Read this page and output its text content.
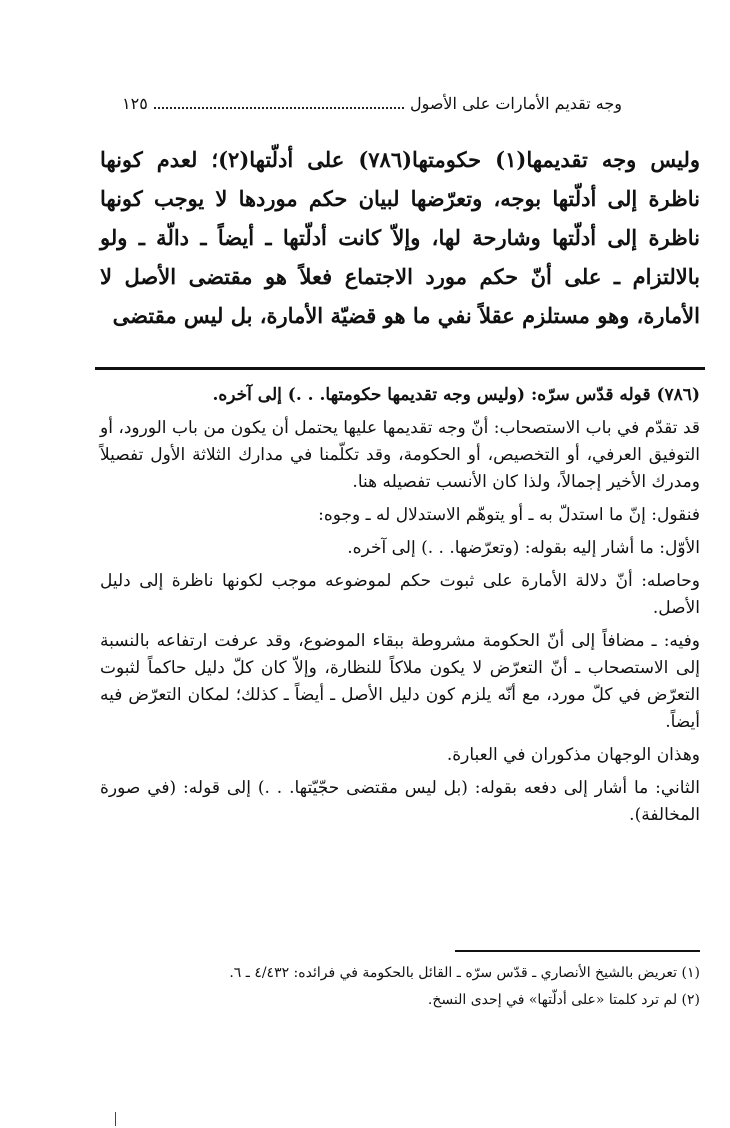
وجه تقديم الأمارات على الأصول
١٢٥

وليس وجه تقديمها(١) حكومتها(٧٨٦) على أدلّتها(٢)؛ لعدم كونها ناظرة إلى أدلّتها بوجه، وتعرّضها لبيان حكم موردها لا يوجب كونها ناظرة إلى أدلّتها وشارحة لها، وإلاّ كانت أدلّتها ـ أيضاً ـ دالّة ـ ولو بالالتزام ـ على أنّ حكم مورد الاجتماع فعلاً هو مقتضى الأصل لا الأمارة، وهو مستلزم عقلاً نفي ما هو قضيّة الأمارة، بل ليس مقتضى

(٧٨٦) قوله قدّس سرّه: (وليس وجه تقديمها حكومتها. . .) إلى آخره.

قد تقدّم في باب الاستصحاب: أنّ وجه تقديمها عليها يحتمل أن يكون من باب الورود، أو التوفيق العرفي، أو التخصيص، أو الحكومة، وقد تكلّمنا في مدارك الثلاثة الأول تفصيلاً ومدرك الأخير إجمالاً، ولذا كان الأنسب تفصيله هنا.

فنقول: إنّ ما استدلّ به ـ أو يتوهّم الاستدلال له ـ وجوه:

الأوّل: ما أشار إليه بقوله: (وتعرّضها. . .) إلى آخره.

وحاصله: أنّ دلالة الأمارة على ثبوت حكم لموضوعه موجب لكونها ناظرة إلى دليل الأصل.

وفيه: ـ مضافاً إلى أنّ الحكومة مشروطة ببقاء الموضوع، وقد عرفت ارتفاعه بالنسبة إلى الاستصحاب ـ أنّ التعرّض لا يكون ملاكاً للنظارة، وإلاّ كان كلّ دليل حاكماً لثبوت التعرّض في كلّ مورد، مع أنّه يلزم كون دليل الأصل ـ أيضاً ـ كذلك؛ لمكان التعرّض فيه أيضاً.

وهذان الوجهان مذكوران في العبارة.

الثاني: ما أشار إلى دفعه بقوله: (بل ليس مقتضى حجّيّتها. . .) إلى قوله: (في صورة المخالفة).

(١) تعريض بالشيخ الأنصاري ـ قدّس سرّه ـ القائل بالحكومة في فرائده: ٤/٤٣٢ ـ ٦.

(٢) لم ترد كلمتا «على أدلّتها» في إحدى النسخ.
